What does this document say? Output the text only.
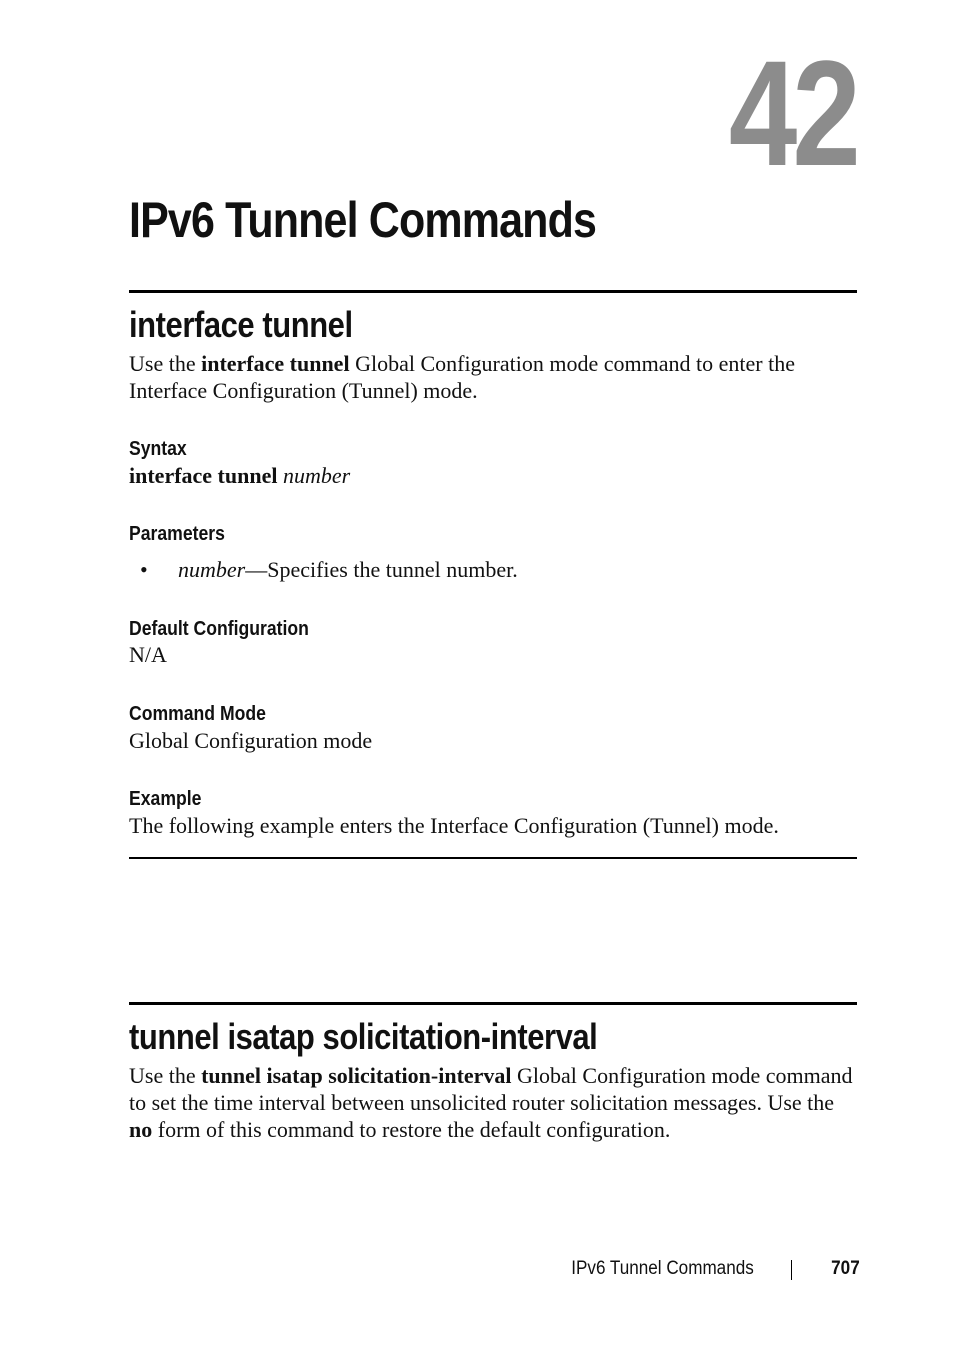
42
IPv6 Tunnel Commands
interface tunnel

Use the interface tunnel Global Configuration mode command to enter the Interface Configuration (Tunnel) mode.

Syntax

interface tunnel number

Parameters
• number—Specifies the tunnel number.
Default Configuration

N/A

Command Mode

Global Configuration mode

Example

The following example enters the Interface Configuration (Tunnel) mode.

tunnel isatap solicitation-interval

Use the tunnel isatap solicitation-interval Global Configuration mode command to set the time interval between unsolicited router solicitation messages. Use the no form of this command to restore the default configuration.

IPv6 Tunnel Commands	707
